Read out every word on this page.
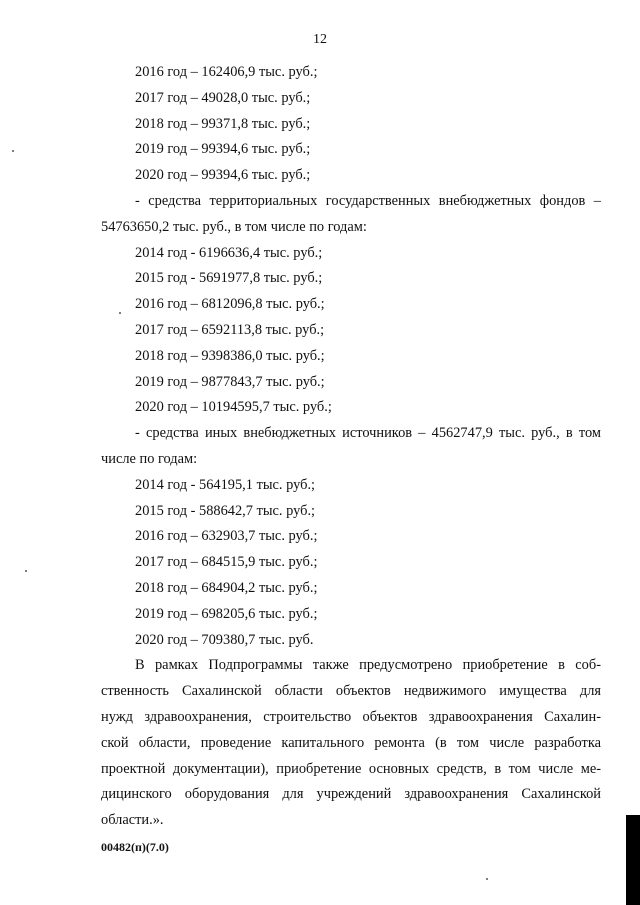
12
2016 год – 162406,9 тыс. руб.;
2017 год – 49028,0 тыс. руб.;
2018 год – 99371,8 тыс. руб.;
2019 год – 99394,6 тыс. руб.;
2020 год – 99394,6 тыс. руб.;
- средства территориальных государственных внебюджетных фондов –
54763650,2 тыс. руб., в том числе по годам:
2014 год - 6196636,4 тыс. руб.;
2015 год - 5691977,8 тыс. руб.;
2016 год – 6812096,8 тыс. руб.;
2017 год – 6592113,8 тыс. руб.;
2018 год – 9398386,0 тыс. руб.;
2019 год – 9877843,7 тыс. руб.;
2020 год – 10194595,7 тыс. руб.;
- средства иных внебюджетных источников – 4562747,9 тыс. руб., в том
числе по годам:
2014 год - 564195,1 тыс. руб.;
2015 год - 588642,7 тыс. руб.;
2016 год – 632903,7 тыс. руб.;
2017 год – 684515,9 тыс. руб.;
2018 год – 684904,2 тыс. руб.;
2019 год – 698205,6 тыс. руб.;
2020 год – 709380,7 тыс. руб.
В рамках Подпрограммы также предусмотрено приобретение в соб-
ственность Сахалинской области объектов недвижимого имущества для
нужд здравоохранения, строительство объектов здравоохранения Сахалин-
ской области, проведение капитального ремонта (в том числе разработка
проектной документации), приобретение основных средств, в том числе ме-
дицинского оборудования для учреждений здравоохранения Сахалинской
области.».
00482(п)(7.0)
